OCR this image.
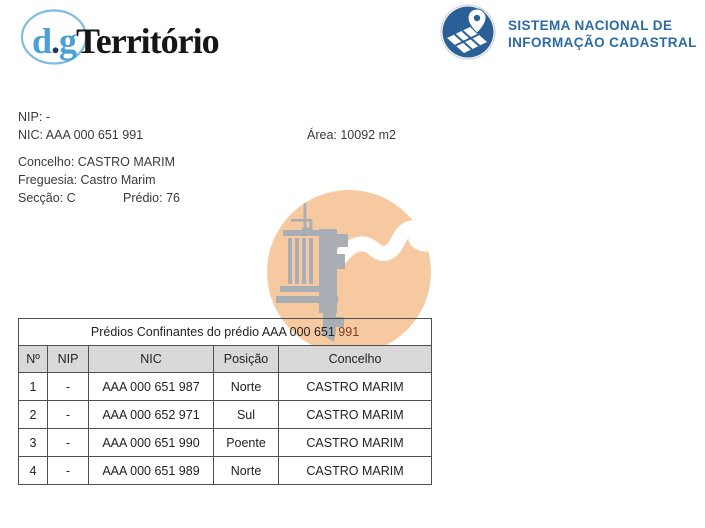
d.gTerritório	SISTEMA NACIONAL DE
INFORMAÇÃO CADASTRAL
NIP: -
NIC: AAA 000 651 991	Área: 10092 m2
Concelho: CASTRO MARIM
Freguesia: Castro Marim
Secção: C	Prédio: 76
Prédios Confinantes do prédio AAA 000 651 991				
Nº	NIP	NIC	Posição	Concelho
1	-	AAA 000 651 987	Norte	CASTRO MARIM
2	-	AAA 000 652 971	Sul	CASTRO MARIM
3	-	AAA 000 651 990	Poente	CASTRO MARIM
4	-	AAA 000 651 989	Norte	CASTRO MARIM
